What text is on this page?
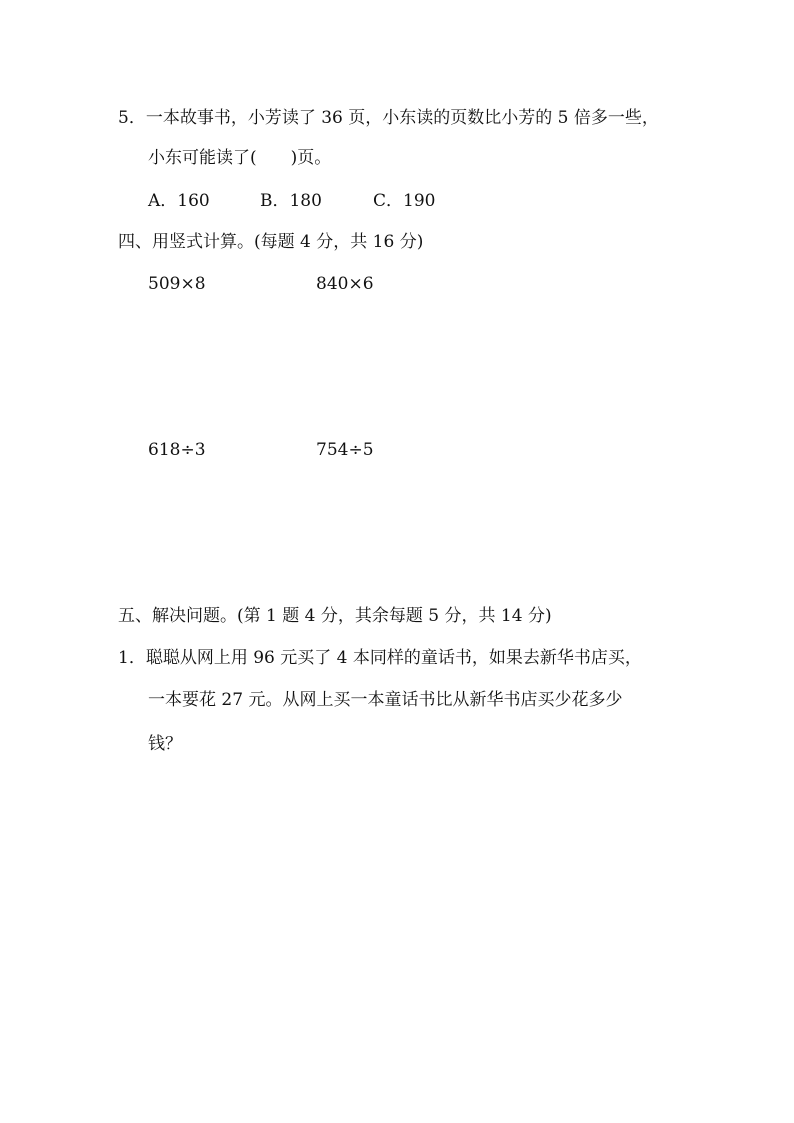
5．一本故事书，小芳读了 36 页，小东读的页数比小芳的 5 倍多一些，
小东可能读了(　　)页。
A．160	B．180	C．190
四、用竖式计算。(每题 4 分，共 16 分)
509×8	840×6
618÷3	754÷5
五、解决问题。(第 1 题 4 分，其余每题 5 分，共 14 分)
1．聪聪从网上用 96 元买了 4 本同样的童话书，如果去新华书店买，
一本要花 27 元。从网上买一本童话书比从新华书店买少花多少
钱？
